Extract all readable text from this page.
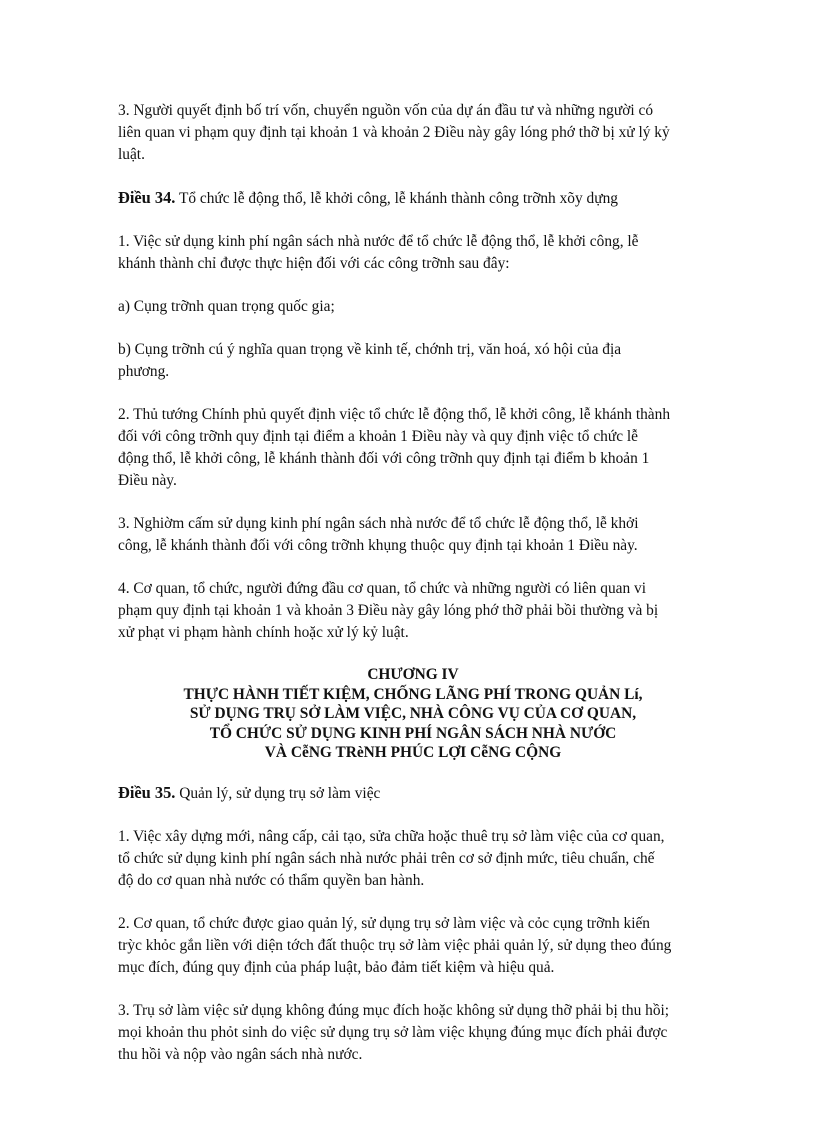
3. Người quyết định bố trí vốn, chuyển nguồn vốn của dự án đầu tư và những người có
liên quan vi phạm quy định tại khoản 1 và khoản 2 Điều này gây lóng phớ thỡ bị xử lý kỷ
luật.

Điều 34. Tổ chức lễ động thổ, lễ khởi công, lễ khánh thành công trỡnh xõy dựng

1. Việc sử dụng kinh phí ngân sách nhà nước để tổ chức lễ động thổ, lễ khởi công, lễ
khánh thành chỉ được thực hiện đối với các công trỡnh sau đây:

a) Cụng trỡnh quan trọng quốc gia;

b) Cụng trỡnh cú ý nghĩa quan trọng về kinh tế, chớnh trị, văn hoá, xó hội của địa
phương.

2. Thủ tướng Chính phủ quyết định việc tổ chức lễ động thổ, lễ khởi công, lễ khánh thành
đối với công trỡnh quy định tại điểm a khoản 1 Điều này và quy định việc tổ chức lễ
động thổ, lễ khởi công, lễ khánh thành đối với công trỡnh quy định tại điểm b khoản 1
Điều này.

3. Nghiờm cấm sử dụng kinh phí ngân sách nhà nước để tổ chức lễ động thổ, lễ khởi
công, lễ khánh thành đối với công trỡnh khụng thuộc quy định tại khoản 1 Điều này.

4. Cơ quan, tổ chức, người đứng đầu cơ quan, tổ chức và những người có liên quan vi
phạm quy định tại khoản 1 và khoản 3 Điều này gây lóng phớ thỡ phải bồi thường và bị
xử phạt vi phạm hành chính hoặc xử lý kỷ luật.

CHƯƠNG IV
THỰC HÀNH TIẾT KIỆM, CHỐNG LÃNG PHÍ TRONG QUẢN Lí,
SỬ DỤNG TRỤ SỞ LÀM VIỆC, NHÀ CÔNG VỤ CỦA CƠ QUAN,
TỔ CHỨC SỬ DỤNG KINH PHÍ NGÂN SÁCH NHÀ NƯỚC
VÀ CễNG TRèNH PHÚC LỢI CễNG CỘNG

Điều 35. Quản lý, sử dụng trụ sở làm việc

1. Việc xây dựng mới, nâng cấp, cải tạo, sửa chữa hoặc thuê trụ sở làm việc của cơ quan,
tổ chức sử dụng kinh phí ngân sách nhà nước phải trên cơ sở định mức, tiêu chuẩn, chế
độ do cơ quan nhà nước có thẩm quyền ban hành.

2. Cơ quan, tổ chức được giao quản lý, sử dụng trụ sở làm việc và cỏc cụng trỡnh kiến
trỳc khỏc gắn liền với diện tớch đất thuộc trụ sở làm việc phải quản lý, sử dụng theo đúng
mục đích, đúng quy định của pháp luật, bảo đảm tiết kiệm và hiệu quả.

3. Trụ sở làm việc sử dụng không đúng mục đích hoặc không sử dụng thỡ phải bị thu hồi;
mọi khoản thu phỏt sinh do việc sử dụng trụ sở làm việc khụng đúng mục đích phải được
thu hồi và nộp vào ngân sách nhà nước.
